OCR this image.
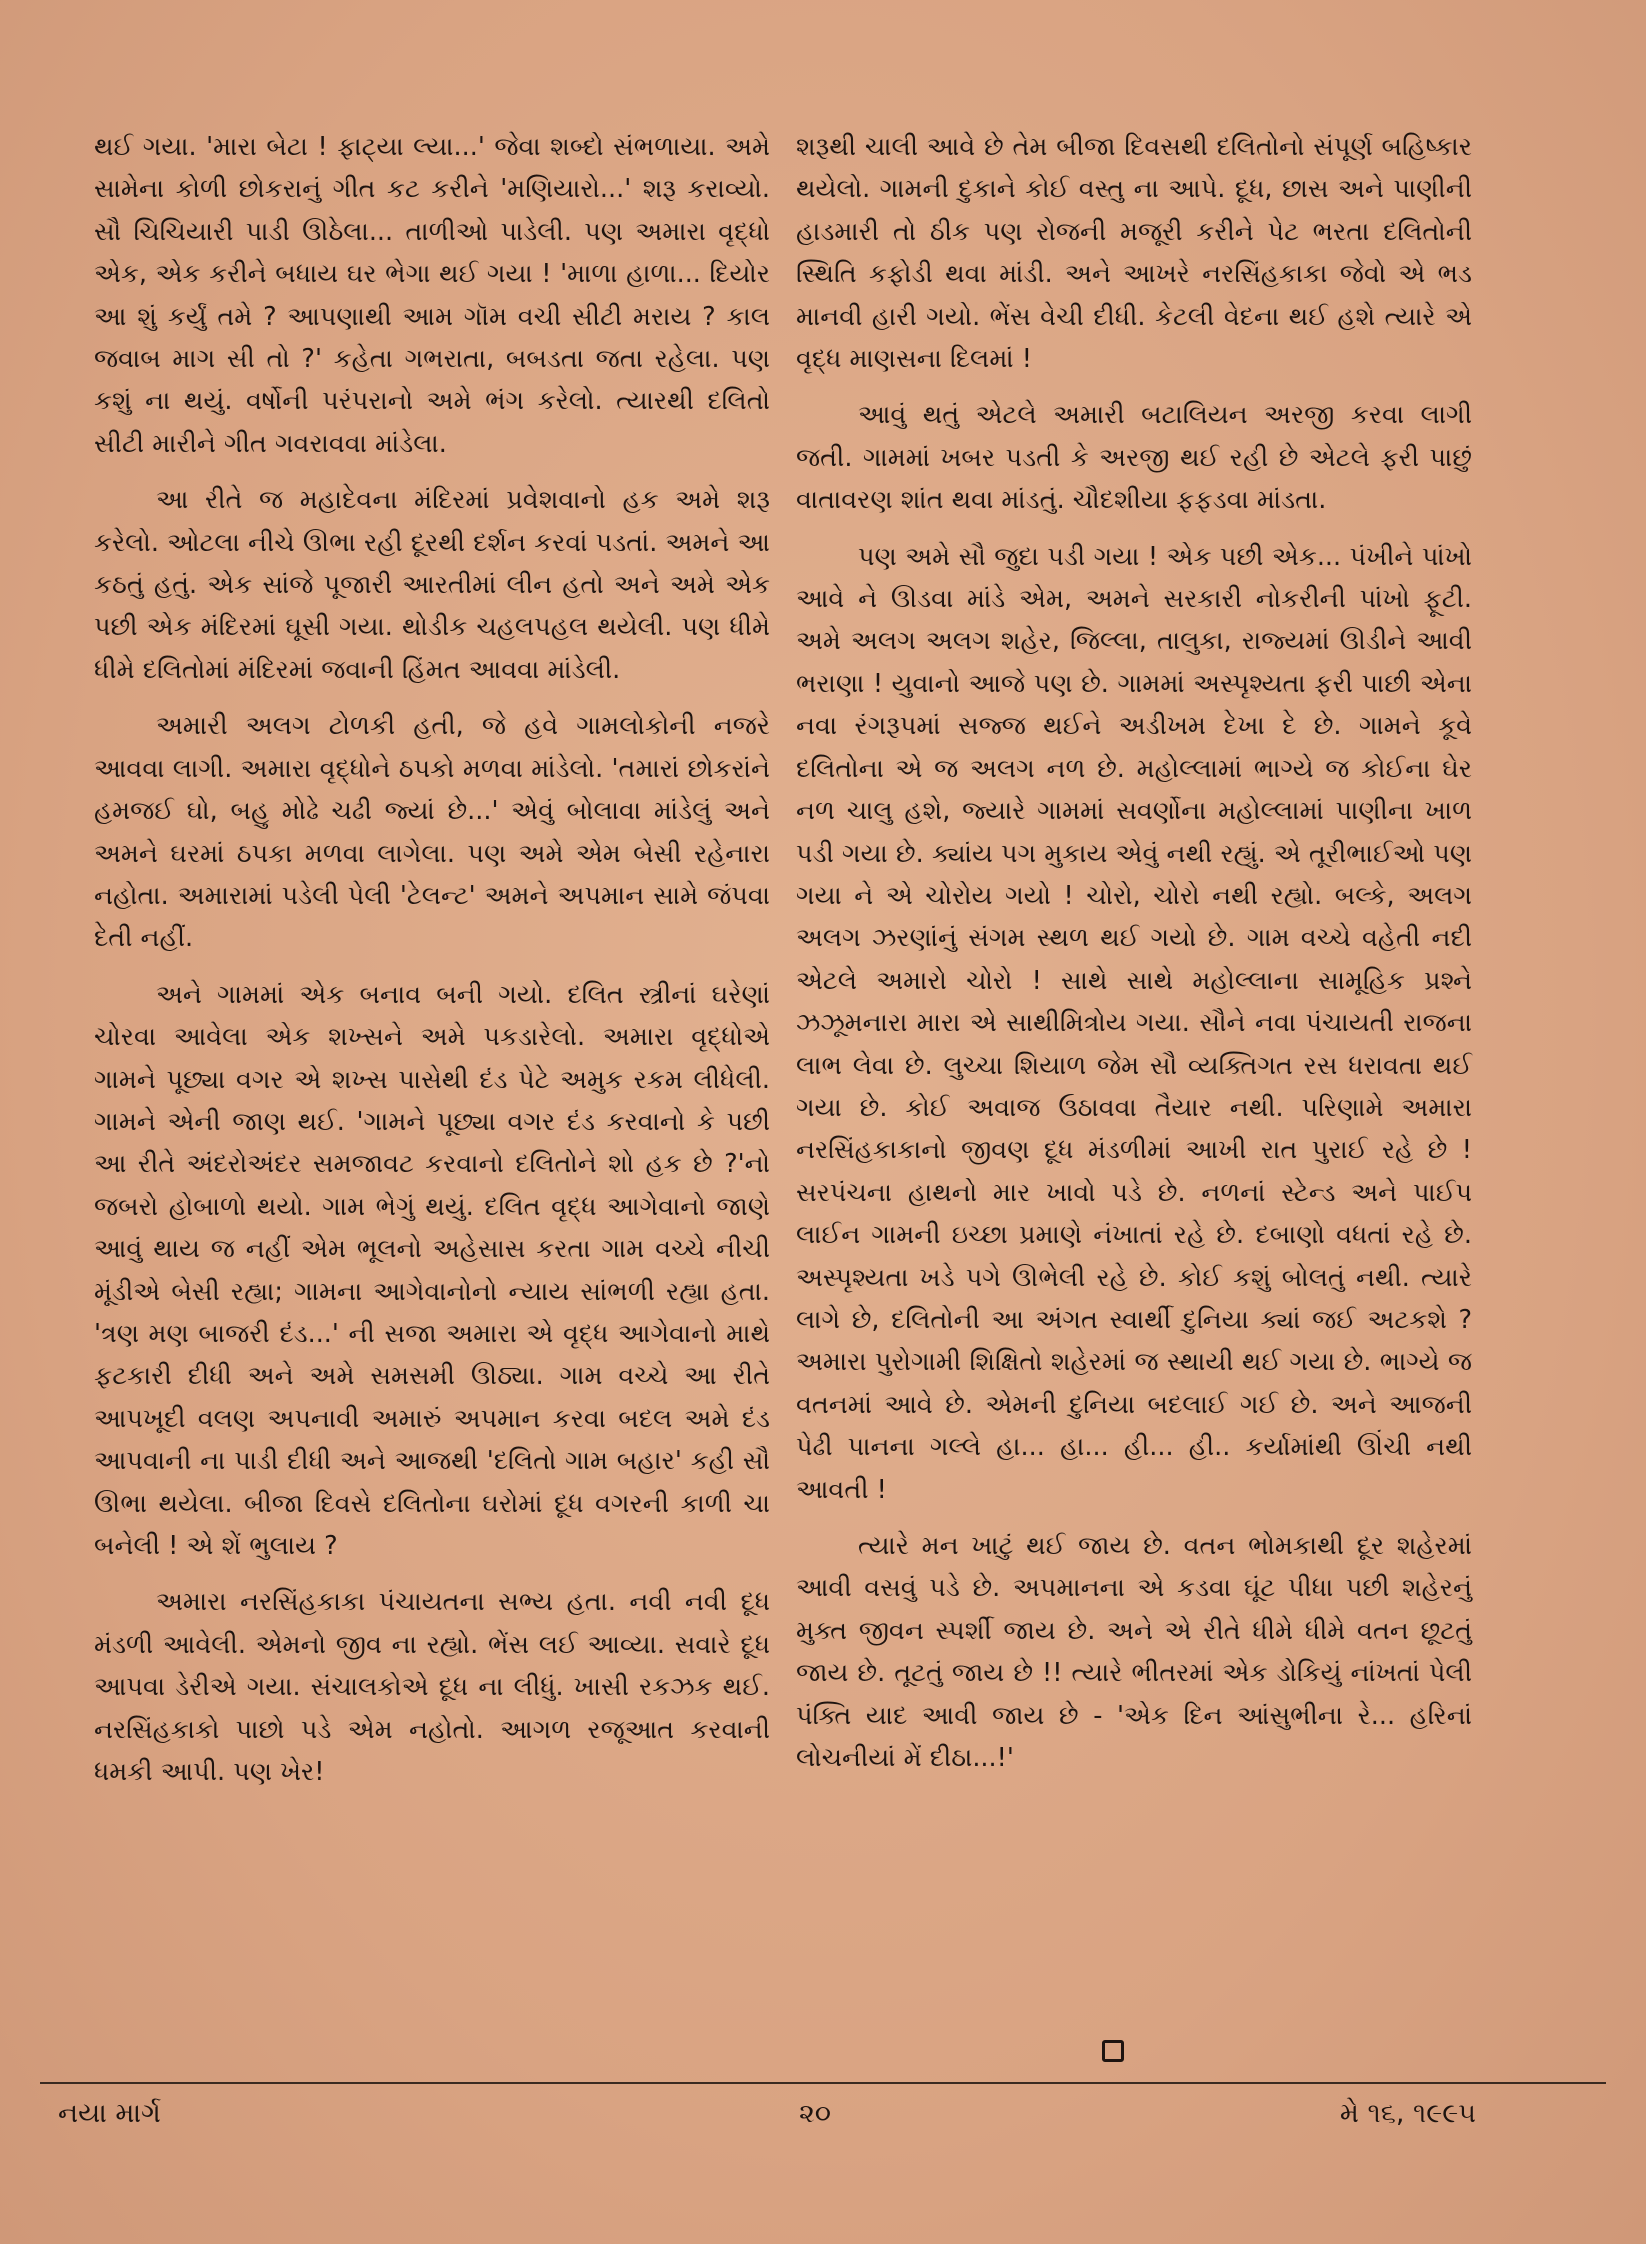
થઈ ગયા. 'મારા બેટા ! ફાટ્યા લ્યા...' જેવા શબ્દો સંભળાયા. અમે સામેના કોળી છોકરાનું ગીત કટ કરીને 'મણિયારો...' શરૂ કરાવ્યો. સૌ ચિચિયારી પાડી ઊઠેલા... તાળીઓ પાડેલી. પણ અમારા વૃદ્ધો એક, એક કરીને બધાય ઘર ભેગા થઈ ગયા ! 'માળા હાળા... દિયોર આ શું કર્યું તમે ? આપણાથી આમ ગૉમ વચી સીટી મરાય ? કાલ જવાબ માગ સી તો ?' કહેતા ગભરાતા, બબડતા જતા રહેલા. પણ કશું ના થયું. વર્ષોની પરંપરાનો અમે ભંગ કરેલો. ત્યારથી દલિતો સીટી મારીને ગીત ગવરાવવા માંડેલા.

આ રીતે જ મહાદેવના મંદિરમાં પ્રવેશવાનો હક અમે શરૂ કરેલો. ઓટલા નીચે ઊભા રહી દૂરથી દર્શન કરવાં પડતાં. અમને આ કઠતું હતું. એક સાંજે પૂજારી આરતીમાં લીન હતો અને અમે એક પછી એક મંદિરમાં ઘૂસી ગયા. થોડીક ચહલપહલ થયેલી. પણ ધીમે ધીમે દલિતોમાં મંદિરમાં જવાની હિંમત આવવા માંડેલી.

અમારી અલગ ટોળકી હતી, જે હવે ગામલોકોની નજરે આવવા લાગી. અમારા વૃદ્ધોને ઠપકો મળવા માંડેલો. 'તમારાં છોકરાંને હમજઈ ઘો, બહુ મોઢે ચઢી જ્યાં છે...' એવું બોલાવા માંડેલું અને અમને ઘરમાં ઠપકા મળવા લાગેલા. પણ અમે એમ બેસી રહેનારા નહોતા. અમારામાં પડેલી પેલી 'ટેલન્ટ' અમને અપમાન સામે જંપવા દેતી નહીં.

અને ગામમાં એક બનાવ બની ગયો. દલિત સ્ત્રીનાં ઘરેણાં ચોરવા આવેલા એક શખ્સને અમે પકડારેલો. અમારા વૃદ્ધોએ ગામને પૂછ્યા વગર એ શખ્સ પાસેથી દંડ પેટે અમુક રકમ લીધેલી. ગામને એની જાણ થઈ. 'ગામને પૂછ્યા વગર દંડ કરવાનો કે પછી આ રીતે અંદરોઅંદર સમજાવટ કરવાનો દલિતોને શો હક છે ?'નો જબરો હોબાળો થયો. ગામ ભેગું થયું. દલિત વૃદ્ધ આગેવાનો જાણે આવું થાય જ નહીં એમ ભૂલનો અહેસાસ કરતા ગામ વચ્ચે નીચી મૂંડીએ બેસી રહ્યા; ગામના આગેવાનોનો ન્યાય સાંભળી રહ્યા હતા. 'ત્રણ મણ બાજરી દંડ...' ની સજા અમારા એ વૃદ્ધ આગેવાનો માથે ફટકારી દીધી અને અમે સમસમી ઊઠ્યા. ગામ વચ્ચે આ રીતે આપખૂદી વલણ અપનાવી અમારું અપમાન કરવા બદલ અમે દંડ આપવાની ના પાડી દીધી અને આજથી 'દલિતો ગામ બહાર' કહી સૌ ઊભા થયેલા. બીજા દિવસે દલિતોના ઘરોમાં દૂધ વગરની કાળી ચા બનેલી ! એ શેં ભુલાય ?

અમારા નરસિંહકાકા પંચાયતના સભ્ય હતા. નવી નવી દૂધ મંડળી આવેલી. એમનો જીવ ના રહ્યો. ભેંસ લઈ આવ્યા. સવારે દૂધ આપવા ડેરીએ ગયા. સંચાલકોએ દૂધ ના લીધું. ખાસી રકઝક થઈ. નરસિંહકાકો પાછો પડે એમ નહોતો. આગળ રજૂઆત કરવાની ધમકી આપી. પણ ખેર!

શરૂથી ચાલી આવે છે તેમ બીજા દિવસથી દલિતોનો સંપૂર્ણ બહિષ્કાર થયેલો. ગામની દુકાને કોઈ વસ્તુ ના આપે. દૂધ, છાસ અને પાણીની હાડમારી તો ઠીક પણ રોજની મજૂરી કરીને પેટ ભરતા દલિતોની સ્થિતિ કફોડી થવા માંડી. અને આખરે નરસિંહકાકા જેવો એ ભડ માનવી હારી ગયો. ભેંસ વેચી દીધી. કેટલી વેદના થઈ હશે ત્યારે એ વૃદ્ધ માણસના દિલમાં !

આવું થતું એટલે અમારી બટાલિયન અરજી કરવા લાગી જતી. ગામમાં ખબર પડતી કે અરજી થઈ રહી છે એટલે ફરી પાછું વાતાવરણ શાંત થવા માંડતું. ચૌદશીયા ફફડવા માંડતા.

પણ અમે સૌ જુદા પડી ગયા ! એક પછી એક... પંખીને પાંખો આવે ને ઊડવા માંડે એમ, અમને સરકારી નોકરીની પાંખો ફૂટી. અમે અલગ અલગ શહેર, જિલ્લા, તાલુકા, રાજ્યમાં ઊડીને આવી ભરાણા ! યુવાનો આજે પણ છે. ગામમાં અસ્પૃશ્યતા ફરી પાછી એના નવા રંગરૂપમાં સજ્જ થઈને અડીખમ દેખા દે છે. ગામને કૂવે દલિતોના એ જ અલગ નળ છે. મહોલ્લામાં ભાગ્યે જ કોઈના ઘેર નળ ચાલુ હશે, જ્યારે ગામમાં સવર્ણોના મહોલ્લામાં પાણીના ખાળ પડી ગયા છે. ક્યાંય પગ મુકાય એવું નથી રહ્યું. એ તૂરીભાઈઓ પણ ગયા ને એ ચોરોય ગયો ! ચોરો, ચોરો નથી રહ્યો. બલ્કે, અલગ અલગ ઝરણાંનું સંગમ સ્થળ થઈ ગયો છે. ગામ વચ્ચે વહેતી નદી એટલે અમારો ચોરો ! સાથે સાથે મહોલ્લાના સામૂહિક પ્રશ્ને ઝઝૂમનારા મારા એ સાથીમિત્રોય ગયા. સૌને નવા પંચાયતી રાજના લાભ લેવા છે. લુચ્ચા શિયાળ જેમ સૌ વ્યક્તિગત રસ ધરાવતા થઈ ગયા છે. કોઈ અવાજ ઉઠાવવા તૈયાર નથી. પરિણામે અમારા નરસિંહકાકાનો જીવણ દૂધ મંડળીમાં આખી રાત પુરાઈ રહે છે ! સરપંચના હાથનો માર ખાવો પડે છે. નળનાં સ્ટેન્ડ અને પાઈપ લાઈન ગામની ઇચ્છા પ્રમાણે નંખાતાં રહે છે. દબાણો વધતાં રહે છે. અસ્પૃશ્યતા ખડે પગે ઊભેલી રહે છે. કોઈ કશું બોલતું નથી. ત્યારે લાગે છે, દલિતોની આ અંગત સ્વાર્થી દુનિયા ક્યાં જઈ અટકશે ? અમારા પુરોગામી શિક્ષિતો શહેરમાં જ સ્થાયી થઈ ગયા છે. ભાગ્યે જ વતનમાં આવે છે. એમની દુનિયા બદલાઈ ગઈ છે. અને આજની પેઢી પાનના ગલ્લે હા... હા... હી... હી.. કર્યામાંથી ઊંચી નથી આવતી !

ત્યારે મન ખાટું થઈ જાય છે. વતન ભોમકાથી દૂર શહેરમાં આવી વસવું પડે છે. અપમાનના એ કડવા ઘૂંટ પીધા પછી શહેરનું મુક્ત જીવન સ્પર્શી જાય છે. અને એ રીતે ધીમે ધીમે વતન છૂટતું જાય છે. તૂટતું જાય છે !! ત્યારે ભીતરમાં એક ડોકિયું નાંખતાં પેલી પંક્તિ યાદ આવી જાય છે - 'એક દિન આંસુભીના રે... હરિનાં લોચનીયાં મેં દીઠા...!'

નયા માર્ગ	૨૦	મે ૧૬, ૧૯૯૫
